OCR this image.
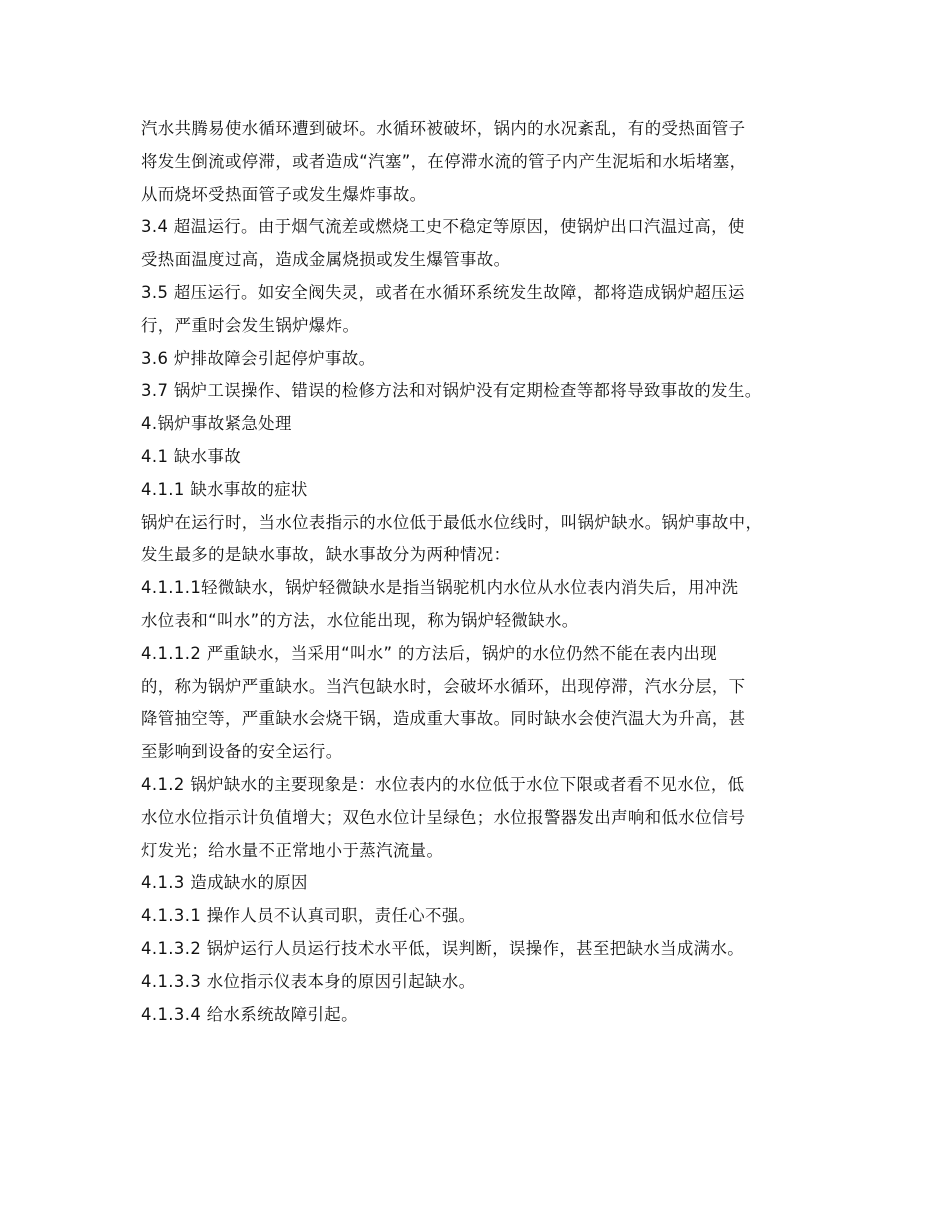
汽水共腾易使水循环遭到破坏。水循环被破坏，锅内的水况紊乱，有的受热面管子
将发生倒流或停滞，或者造成“汽塞”，在停滞水流的管子内产生泥垢和水垢堵塞，
从而烧坏受热面管子或发生爆炸事故。
3.4 超温运行。由于烟气流差或燃烧工史不稳定等原因，使锅炉出口汽温过高，使
受热面温度过高，造成金属烧损或发生爆管事故。
3.5 超压运行。如安全阀失灵，或者在水循环系统发生故障，都将造成锅炉超压运
行，严重时会发生锅炉爆炸。
3.6 炉排故障会引起停炉事故。
3.7 锅炉工误操作、错误的检修方法和对锅炉没有定期检查等都将导致事故的发生。
4.锅炉事故紧急处理
4.1 缺水事故
4.1.1 缺水事故的症状
锅炉在运行时，当水位表指示的水位低于最低水位线时，叫锅炉缺水。锅炉事故中，
发生最多的是缺水事故，缺水事故分为两种情况：
4.1.1.1轻微缺水，锅炉轻微缺水是指当锅驼机内水位从水位表内消失后，用冲洗
水位表和“叫水”的方法，水位能出现，称为锅炉轻微缺水。
4.1.1.2 严重缺水，当采用“叫水” 的方法后，锅炉的水位仍然不能在表内出现
的，称为锅炉严重缺水。当汽包缺水时，会破坏水循环，出现停滞，汽水分层，下
降管抽空等，严重缺水会烧干锅，造成重大事故。同时缺水会使汽温大为升高，甚
至影响到设备的安全运行。
4.1.2 锅炉缺水的主要现象是：水位表内的水位低于水位下限或者看不见水位，低
水位水位指示计负值增大；双色水位计呈绿色；水位报警器发出声响和低水位信号
灯发光；给水量不正常地小于蒸汽流量。
4.1.3 造成缺水的原因
4.1.3.1 操作人员不认真司职，责任心不强。
4.1.3.2 锅炉运行人员运行技术水平低，误判断，误操作，甚至把缺水当成满水。
4.1.3.3 水位指示仪表本身的原因引起缺水。
4.1.3.4 给水系统故障引起。
